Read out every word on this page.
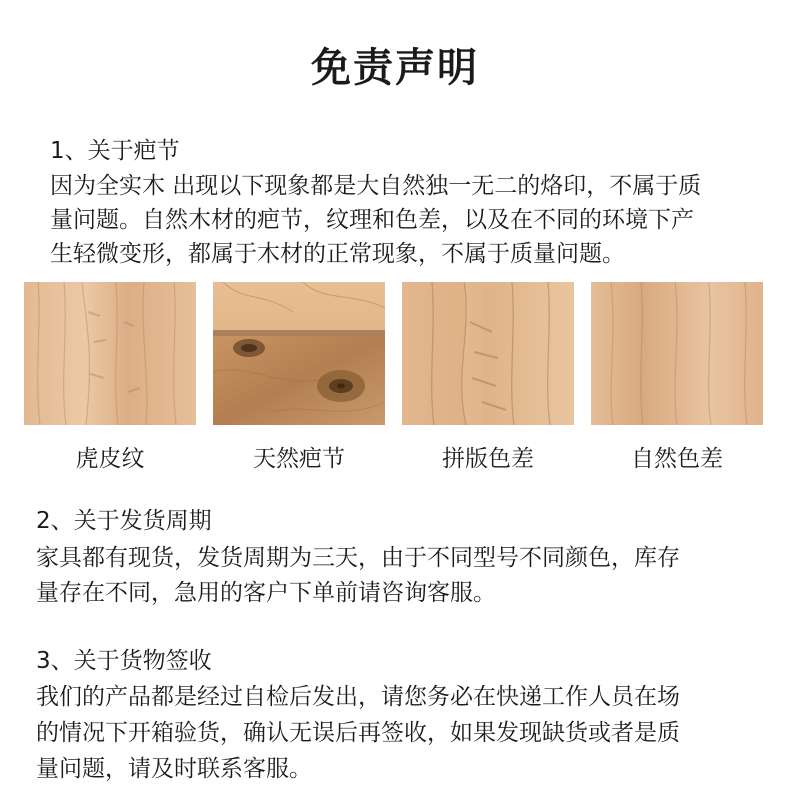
免责声明

1、关于疤节

因为全实木 出现以下现象都是大自然独一无二的烙印，不属于质

量问题。自然木材的疤节，纹理和色差，以及在不同的环境下产

生轻微变形，都属于木材的正常现象，不属于质量问题。

虎皮纹	天然疤节	拼版色差	自然色差

2、关于发货周期

家具都有现货，发货周期为三天，由于不同型号不同颜色，库存

量存在不同，急用的客户下单前请咨询客服。

3、关于货物签收

我们的产品都是经过自检后发出，请您务必在快递工作人员在场

的情况下开箱验货，确认无误后再签收，如果发现缺货或者是质

量问题，请及时联系客服。
